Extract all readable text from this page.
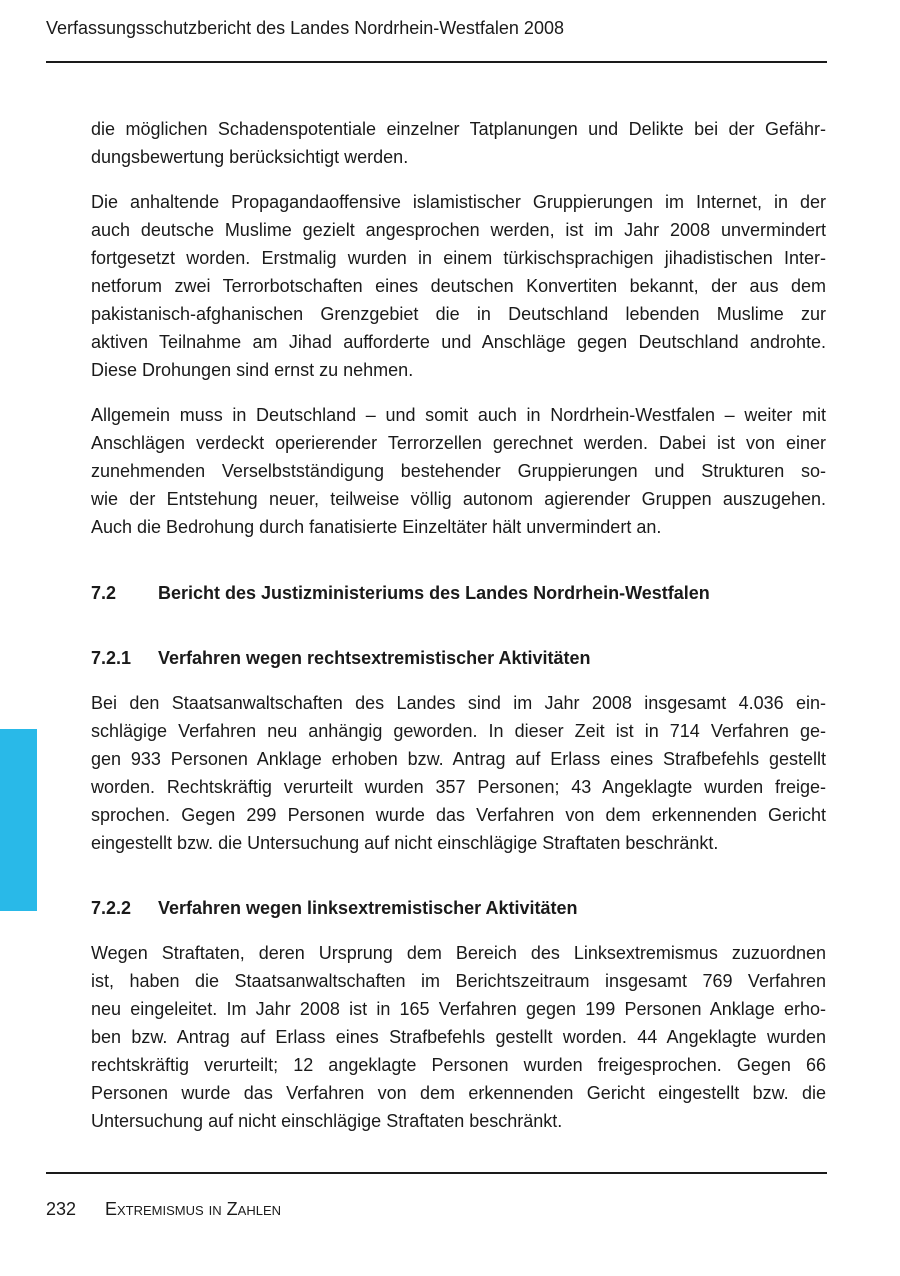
Verfassungsschutzbericht des Landes Nordrhein-Westfalen 2008
die möglichen Schadenspotentiale einzelner Tatplanungen und Delikte bei der Gefähr-
dungsbewertung berücksichtigt werden.
Die anhaltende Propagandaoffensive islamistischer Gruppierungen im Internet, in der
auch deutsche Muslime gezielt angesprochen werden, ist im Jahr 2008 unvermindert
fortgesetzt worden. Erstmalig wurden in einem türkischsprachigen jihadistischen Inter-
netforum zwei Terrorbotschaften eines deutschen Konvertiten bekannt, der aus dem
pakistanisch-afghanischen Grenzgebiet die in Deutschland lebenden Muslime zur
aktiven Teilnahme am Jihad aufforderte und Anschläge gegen Deutschland androhte.
Diese Drohungen sind ernst zu nehmen.
Allgemein muss in Deutschland – und somit auch in Nordrhein-Westfalen – weiter mit
Anschlägen verdeckt operierender Terrorzellen gerechnet werden. Dabei ist von einer
zunehmenden Verselbstständigung bestehender Gruppierungen und Strukturen so-
wie der Entstehung neuer, teilweise völlig autonom agierender Gruppen auszugehen.
Auch die Bedrohung durch fanatisierte Einzeltäter hält unvermindert an.
7.2	Bericht des Justizministeriums des Landes Nordrhein-Westfalen
7.2.1	Verfahren wegen rechtsextremistischer Aktivitäten
Bei den Staatsanwaltschaften des Landes sind im Jahr 2008 insgesamt 4.036 ein-
schlägige Verfahren neu anhängig geworden. In dieser Zeit ist in 714 Verfahren ge-
gen 933 Personen Anklage erhoben bzw. Antrag auf Erlass eines Strafbefehls gestellt
worden. Rechtskräftig verurteilt wurden 357 Personen; 43 Angeklagte wurden freige-
sprochen. Gegen 299 Personen wurde das Verfahren von dem erkennenden Gericht
eingestellt bzw. die Untersuchung auf nicht einschlägige Straftaten beschränkt.
7.2.2	Verfahren wegen linksextremistischer Aktivitäten
Wegen Straftaten, deren Ursprung dem Bereich des Linksextremismus zuzuordnen
ist, haben die Staatsanwaltschaften im Berichtszeitraum insgesamt 769 Verfahren
neu eingeleitet. Im Jahr 2008 ist in 165 Verfahren gegen 199 Personen Anklage erho-
ben bzw. Antrag auf Erlass eines Strafbefehls gestellt worden. 44 Angeklagte wurden
rechtskräftig verurteilt; 12 angeklagte Personen wurden freigesprochen. Gegen 66
Personen wurde das Verfahren von dem erkennenden Gericht eingestellt bzw. die
Untersuchung auf nicht einschlägige Straftaten beschränkt.
232 Extremismus in Zahlen
